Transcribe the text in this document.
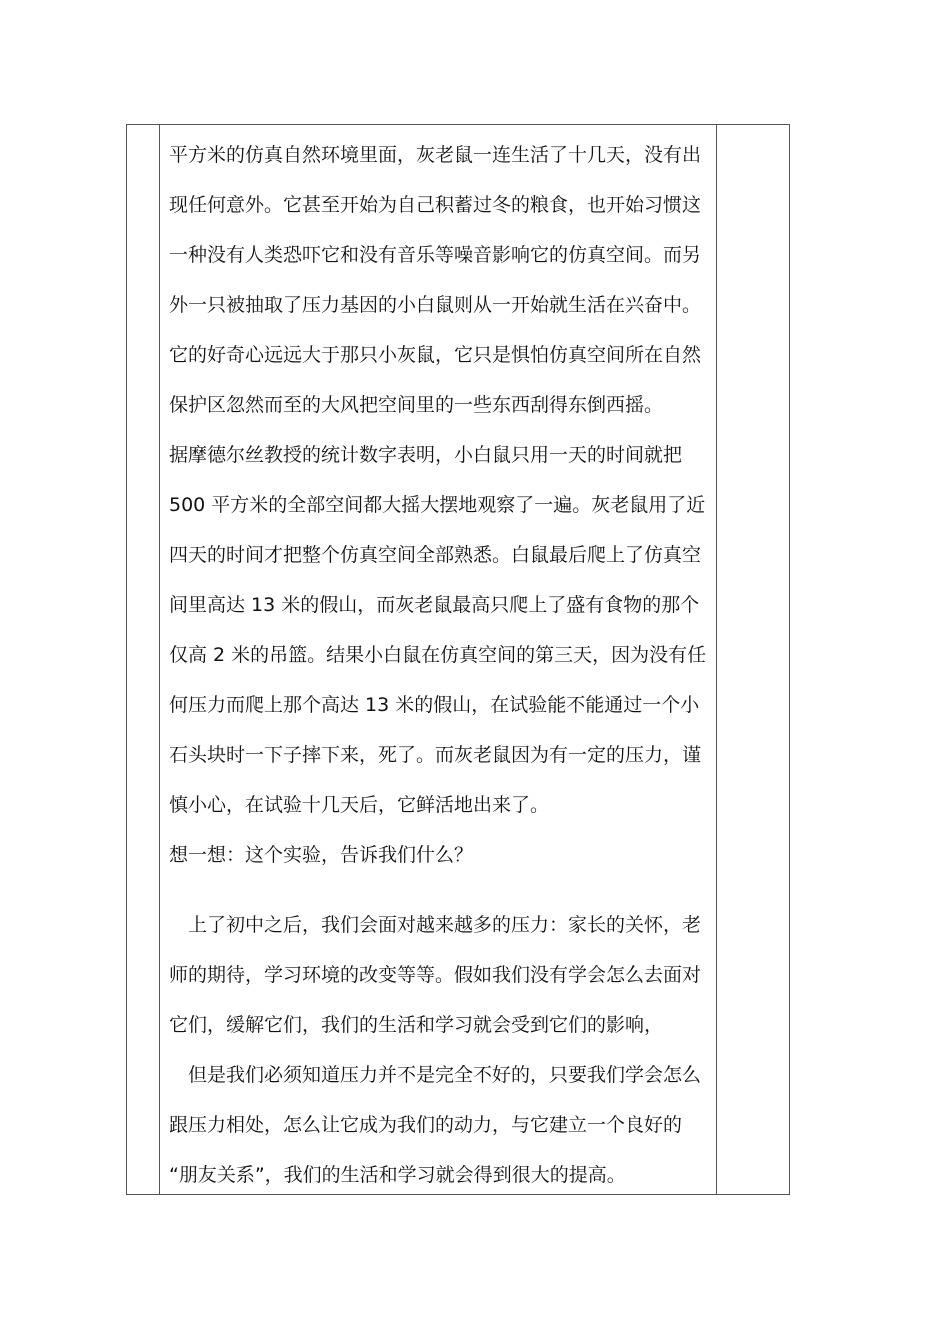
平方米的仿真自然环境里面，灰老鼠一连生活了十几天，没有出
现任何意外。它甚至开始为自己积蓄过冬的粮食，也开始习惯这
一种没有人类恐吓它和没有音乐等噪音影响它的仿真空间。而另
外一只被抽取了压力基因的小白鼠则从一开始就生活在兴奋中。
它的好奇心远远大于那只小灰鼠，它只是惧怕仿真空间所在自然
保护区忽然而至的大风把空间里的一些东西刮得东倒西摇。
据摩德尔丝教授的统计数字表明，小白鼠只用一天的时间就把
500 平方米的全部空间都大摇大摆地观察了一遍。灰老鼠用了近
四天的时间才把整个仿真空间全部熟悉。白鼠最后爬上了仿真空
间里高达 13 米的假山，而灰老鼠最高只爬上了盛有食物的那个
仅高 2 米的吊篮。结果小白鼠在仿真空间的第三天，因为没有任
何压力而爬上那个高达 13 米的假山，在试验能不能通过一个小
石头块时一下子摔下来，死了。而灰老鼠因为有一定的压力，谨
慎小心，在试验十几天后，它鲜活地出来了。
想一想：这个实验，告诉我们什么？
上了初中之后，我们会面对越来越多的压力：家长的关怀，老
师的期待，学习环境的改变等等。假如我们没有学会怎么去面对
它们，缓解它们，我们的生活和学习就会受到它们的影响，
但是我们必须知道压力并不是完全不好的，只要我们学会怎么
跟压力相处，怎么让它成为我们的动力，与它建立一个良好的
“朋友关系”，我们的生活和学习就会得到很大的提高。
